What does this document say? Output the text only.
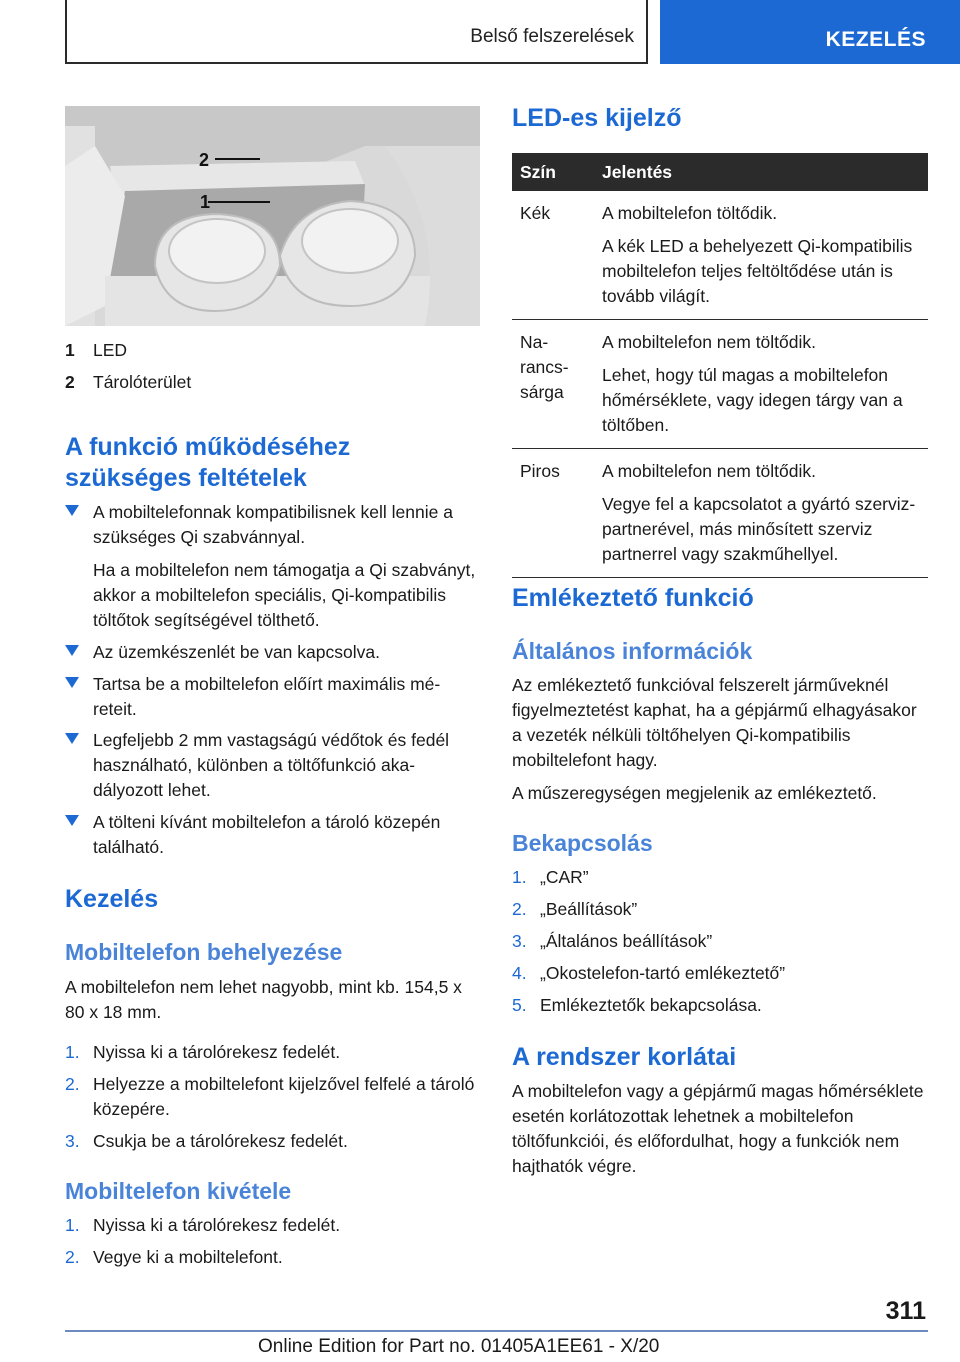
Belső felszerelések	KEZELÉS
2
1
1 LED
2 Tárolóterület
A funkció működéséhez
szükséges feltételek

A mobiltelefonnak kompatibilisnek kell lennie a szükséges Qi szabvánnyal.

Ha a mobiltelefon nem támogatja a Qi szabványt, akkor a mobiltelefon speciális, Qi-kompatibilis töltőtok segítségével tölthető.

Az üzemkészenlét be van kapcsolva.

Tartsa be a mobiltelefon előírt maximális méreteit.

Legfeljebb 2 mm vastagságú védőtok és fedél használható, különben a töltőfunkció akadályozott lehet.

A tölteni kívánt mobiltelefon a tároló közepén található.

Kezelés
Mobiltelefon behelyezése
A mobiltelefon nem lehet nagyobb, mint kb. 154,5 x 80 x 18 mm.
1. Nyissa ki a tárolórekesz fedelét.
2. Helyezze a mobiltelefont kijelzővel felfelé a tároló közepére.
3. Csukja be a tárolórekesz fedelét.
Mobiltelefon kivétele
1. Nyissa ki a tárolórekesz fedelét.
2. Vegye ki a mobiltelefont.
LED-es kijelző
Szín	Jelentés
Kék	A mobiltelefon töltődik.

A kék LED a behelyezett Qi-kompatibilis mobiltelefon teljes feltöltődése után is tovább világít.

Narancssárga	A mobiltelefon nem töltődik.

Lehet, hogy túl magas a mobiltelefon hőmérséklete, vagy idegen tárgy van a töltőben.

Piros	A mobiltelefon nem töltődik.

Vegye fel a kapcsolatot a gyártó szerviz-partnerével, más minősített szerviz partnerrel vagy szakműhellyel.

Emlékeztető funkció
Általános információk
Az emlékeztető funkcióval felszerelt járműveknél figyelmeztetést kaphat, ha a gépjármű elhagyásakor a vezeték nélküli töltőhelyen Qi-kompatibilis mobiltelefont hagy.
A műszeregységen megjelenik az emlékeztető.
Bekapcsolás
1. „CAR”
2. „Beállítások”
3. „Általános beállítások”
4. „Okostelefon-tartó emlékeztető”
5. Emlékeztetők bekapcsolása.
A rendszer korlátai
A mobiltelefon vagy a gépjármű magas hőmérséklete esetén korlátozottak lehetnek a mobiltelefon töltőfunkciói, és előfordulhat, hogy a funkciók nem hajthatók végre.
311
Online Edition for Part no. 01405A1EE61 - X/20
